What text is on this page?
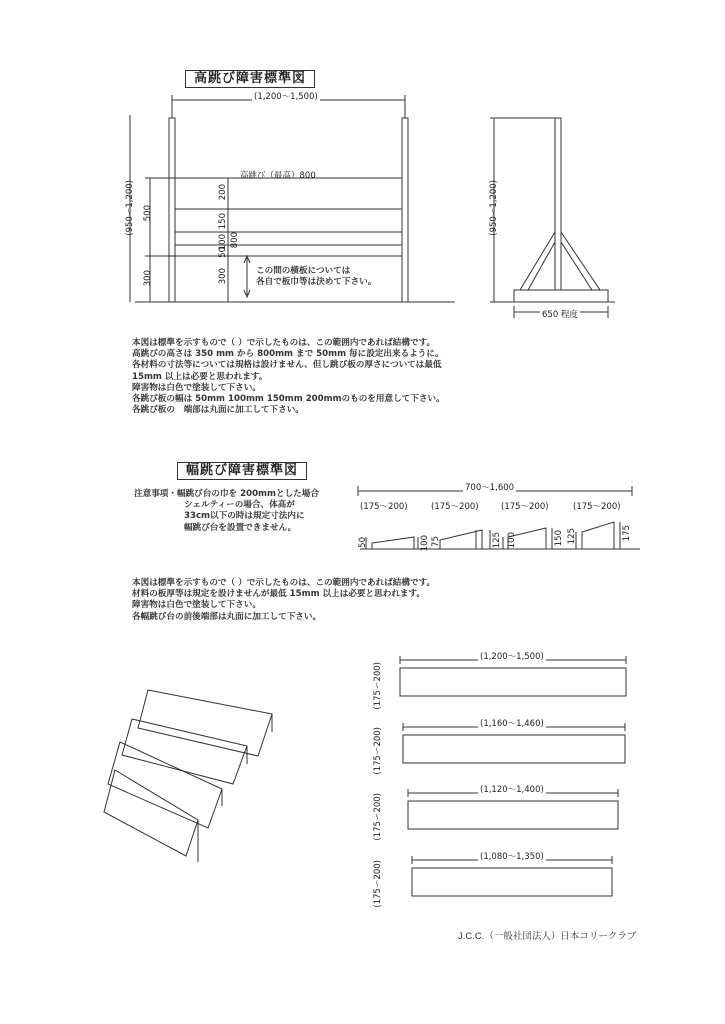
高跳び障害標準図
(1,200～1,500)
(950～1,200) 500
300
高跳び（最高）800
200
150
100
50
300
800
この間の横板については
各自で板巾等は決めて下さい。
(950～1,200)
650 程度
本図は標準を示すもので（ ）で示したものは、この範囲内であれば結構です。
高跳びの高さは 350 mm から 800mm まで 50mm 毎に設定出来るように。
各材料の寸法等については規格は設けません、但し跳び板の厚さについては最低
15mm 以上は必要と思われます。
障害物は白色で塗装して下さい。
各跳び板の幅は 50mm 100mm 150mm 200mmのものを用意して下さい。
各跳び板の　端部は丸面に加工して下さい。
幅跳び障害標準図
注意事項・幅跳び台の巾を 200mmとした場合
シェルティーの場合、体高が
33cm以下の時は規定寸法内に
幅跳び台を設置できません。
700～1,600
(175～200)	(175～200)	(175～200)	(175～200)
50	100 75	125 100	150 125	175
本図は標準を示すもので（ ）で示したものは、この範囲内であれば結構です。
材料の板厚等は規定を設けませんが最低 15mm 以上は必要と思われます。
障害物は白色で塗装して下さい。
各幅跳び台の前後端部は丸面に加工して下さい。
(1,200～1,500)
(175～200)
(1,160～1,460)
(175～200)
(1,120～1,400)
(175～200)
(1,080～1,350)
(175～200)
J.C.C.（一般社団法人）日本コリークラブ
